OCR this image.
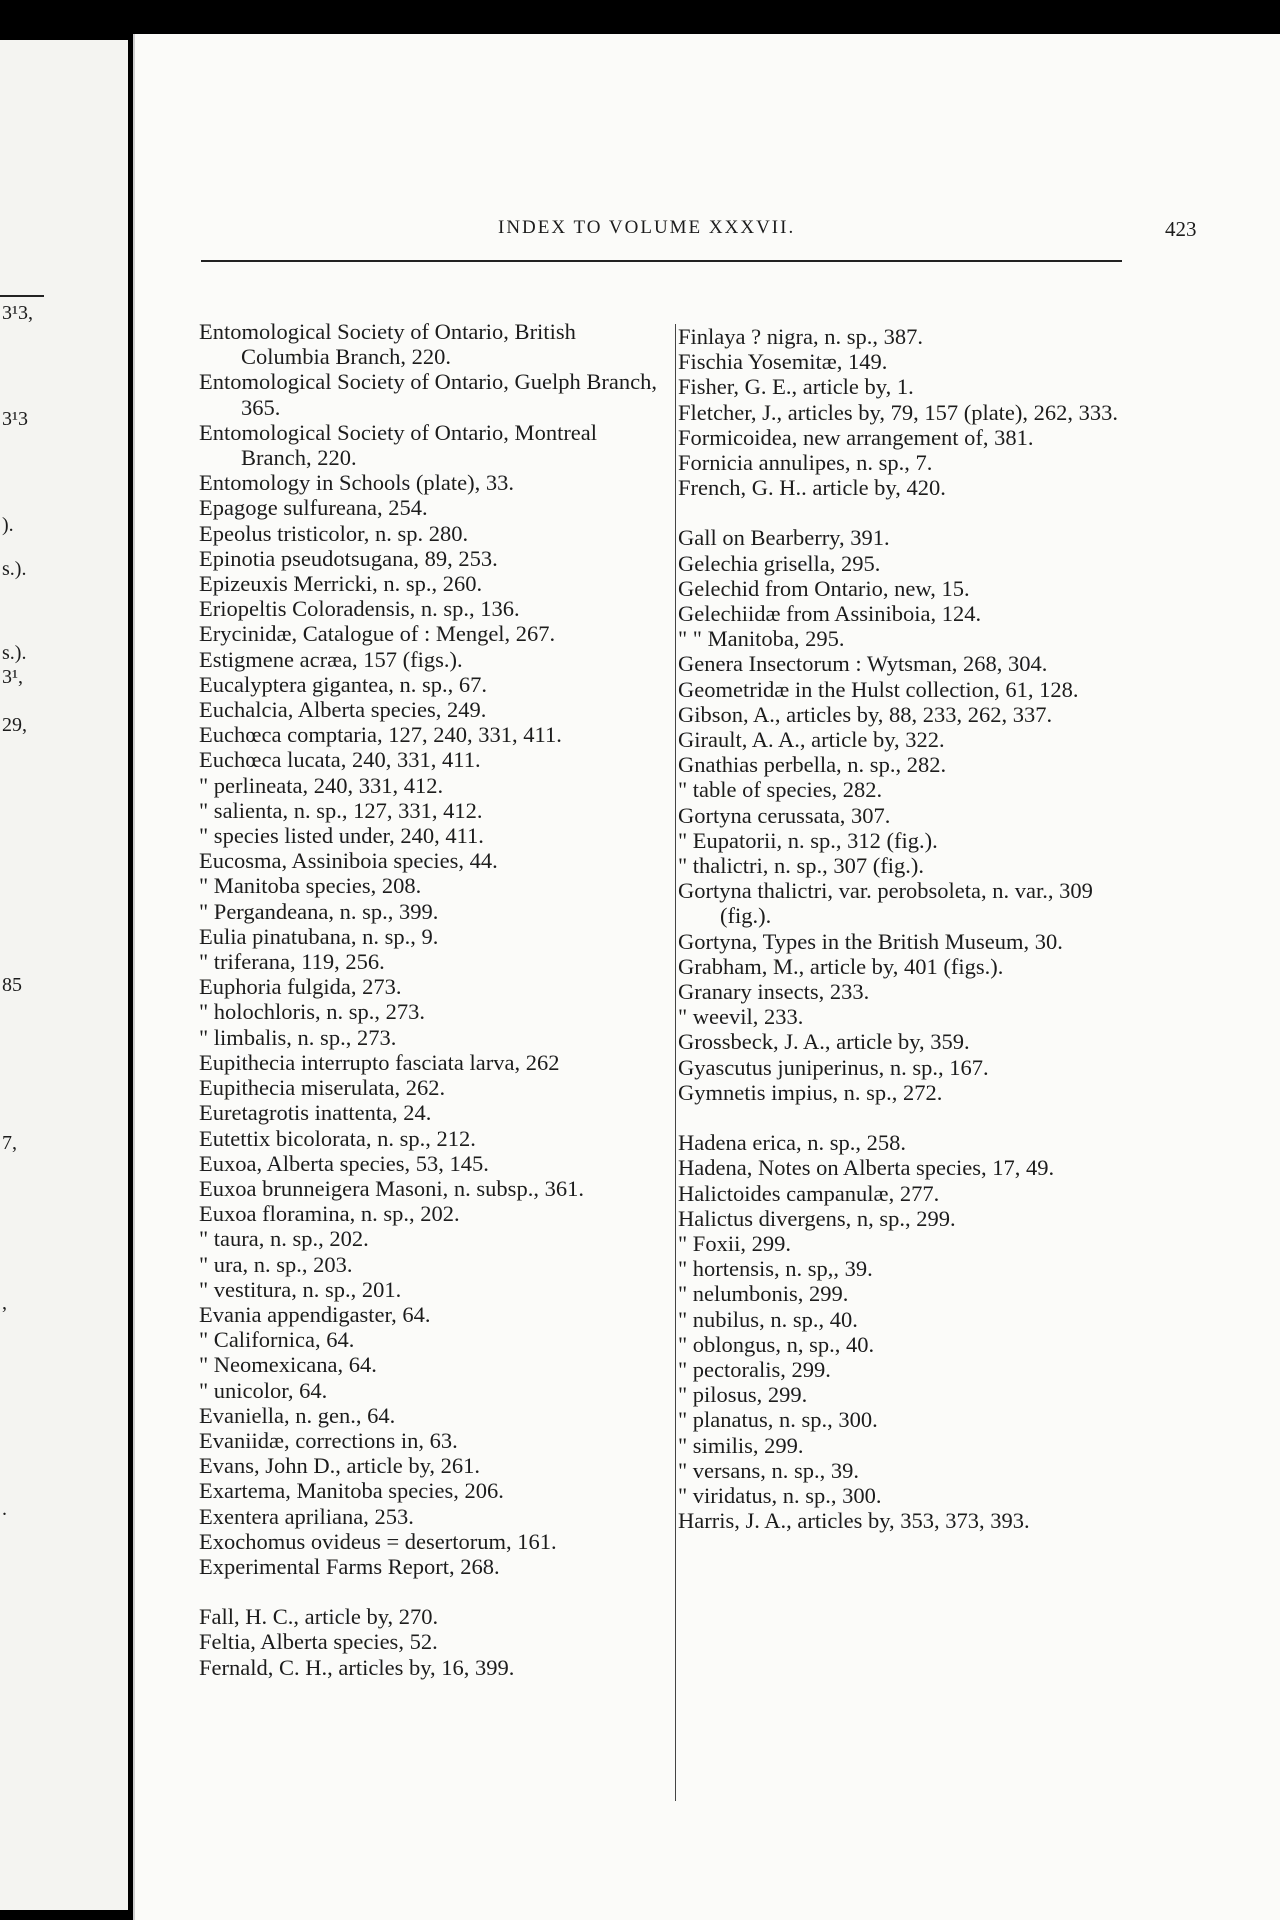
3¹3,
3¹3
).
s.).
s.).
3¹,
29,
85
7,
,
.
INDEX TO VOLUME XXXVII.	423

Entomological Society of Ontario, British Columbia Branch, 220.

Entomological Society of Ontario, Guelph Branch, 365.

Entomological Society of Ontario, Montreal Branch, 220.

Entomology in Schools (plate), 33.

Epagoge sulfureana, 254.

Epeolus tristicolor, n. sp. 280.

Epinotia pseudotsugana, 89, 253.

Epizeuxis Merricki, n. sp., 260.

Eriopeltis Coloradensis, n. sp., 136.

Erycinidæ, Catalogue of : Mengel, 267.

Estigmene acræa, 157 (figs.).

Eucalyptera gigantea, n. sp., 67.

Euchalcia, Alberta species, 249.

Euchœca comptaria, 127, 240, 331, 411.

Euchœca lucata, 240, 331, 411.

" perlineata, 240, 331, 412.

" salienta, n. sp., 127, 331, 412.

" species listed under, 240, 411.

Eucosma, Assiniboia species, 44.

" Manitoba species, 208.

" Pergandeana, n. sp., 399.

Eulia pinatubana, n. sp., 9.

" triferana, 119, 256.

Euphoria fulgida, 273.

" holochloris, n. sp., 273.

" limbalis, n. sp., 273.

Eupithecia interrupto fasciata larva, 262

Eupithecia miserulata, 262.

Euretagrotis inattenta, 24.

Eutettix bicolorata, n. sp., 212.

Euxoa, Alberta species, 53, 145.

Euxoa brunneigera Masoni, n. subsp., 361.

Euxoa floramina, n. sp., 202.

" taura, n. sp., 202.

" ura, n. sp., 203.

" vestitura, n. sp., 201.

Evania appendigaster, 64.

" Californica, 64.

" Neomexicana, 64.

" unicolor, 64.

Evaniella, n. gen., 64.

Evaniidæ, corrections in, 63.

Evans, John D., article by, 261.

Exartema, Manitoba species, 206.

Exentera apriliana, 253.

Exochomus ovideus = desertorum, 161.

Experimental Farms Report, 268.

Fall, H. C., article by, 270.

Feltia, Alberta species, 52.

Fernald, C. H., articles by, 16, 399.

Finlaya ? nigra, n. sp., 387.

Fischia Yosemitæ, 149.

Fisher, G. E., article by, 1.

Fletcher, J., articles by, 79, 157 (plate), 262, 333.

Formicoidea, new arrangement of, 381.

Fornicia annulipes, n. sp., 7.

French, G. H.. article by, 420.

Gall on Bearberry, 391.

Gelechia grisella, 295.

Gelechid from Ontario, new, 15.

Gelechiidæ from Assiniboia, 124.

" " Manitoba, 295.

Genera Insectorum : Wytsman, 268, 304.

Geometridæ in the Hulst collection, 61, 128.

Gibson, A., articles by, 88, 233, 262, 337.

Girault, A. A., article by, 322.

Gnathias perbella, n. sp., 282.

" table of species, 282.

Gortyna cerussata, 307.

" Eupatorii, n. sp., 312 (fig.).

" thalictri, n. sp., 307 (fig.).

Gortyna thalictri, var. perobsoleta, n. var., 309 (fig.).

Gortyna, Types in the British Museum, 30.

Grabham, M., article by, 401 (figs.).

Granary insects, 233.

" weevil, 233.

Grossbeck, J. A., article by, 359.

Gyascutus juniperinus, n. sp., 167.

Gymnetis impius, n. sp., 272.

Hadena erica, n. sp., 258.

Hadena, Notes on Alberta species, 17, 49.

Halictoides campanulæ, 277.

Halictus divergens, n, sp., 299.

" Foxii, 299.

" hortensis, n. sp,, 39.

" nelumbonis, 299.

" nubilus, n. sp., 40.

" oblongus, n, sp., 40.

" pectoralis, 299.

" pilosus, 299.

" planatus, n. sp., 300.

" similis, 299.

" versans, n. sp., 39.

" viridatus, n. sp., 300.

Harris, J. A., articles by, 353, 373, 393.
